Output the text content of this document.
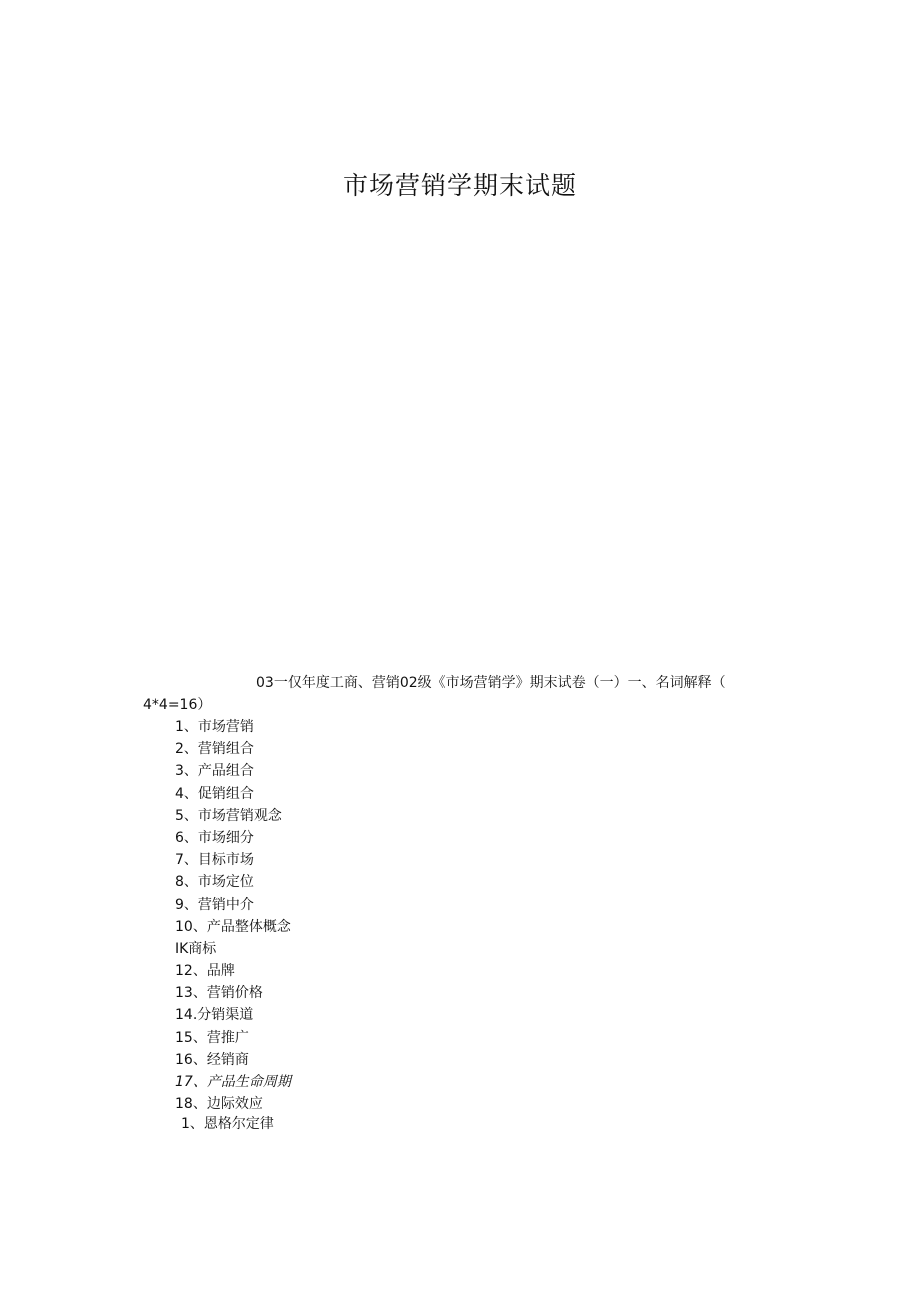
市场营销学期末试题
03一仅年度工商、营销02级《市场营销学》期末试卷（一）一、名词解释（
4*4=16）
1、市场营销
2、营销组合
3、产品组合
4、促销组合
5、市场营销观念
6、市场细分
7、目标市场
8、市场定位
9、营销中介
10、产品整体概念
IK商标
12、品牌
13、营销价格
14.分销渠道
15、营推广
16、经销商
17、产品生命周期
18、边际效应
1、恩格尔定律
